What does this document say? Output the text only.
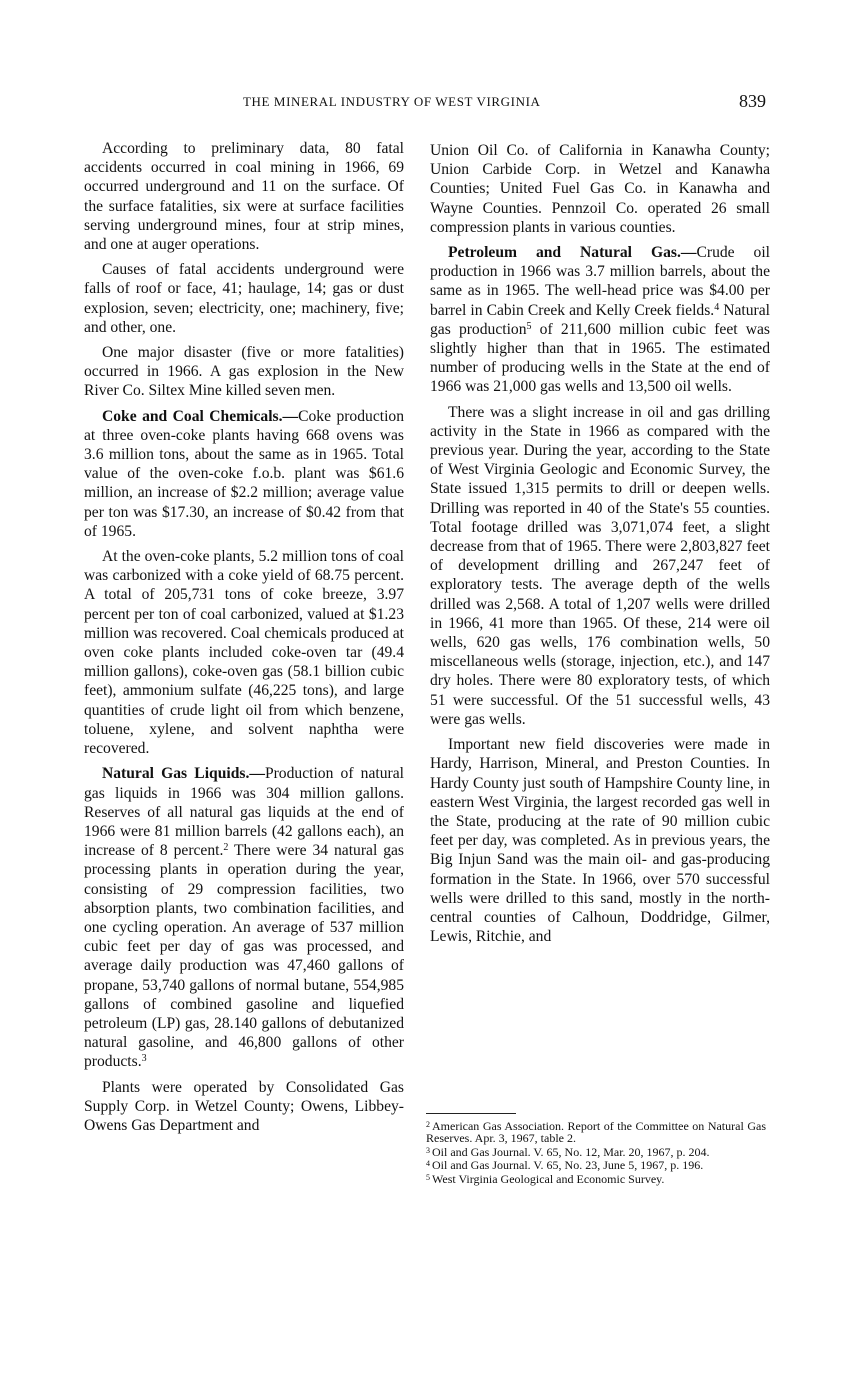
THE MINERAL INDUSTRY OF WEST VIRGINIA	839

According to preliminary data, 80 fatal accidents occurred in coal mining in 1966, 69 occurred underground and 11 on the surface. Of the surface fatalities, six were at surface facilities serving underground mines, four at strip mines, and one at auger operations.

Causes of fatal accidents underground were falls of roof or face, 41; haulage, 14; gas or dust explosion, seven; electricity, one; machinery, five; and other, one.

One major disaster (five or more fatalities) occurred in 1966. A gas explosion in the New River Co. Siltex Mine killed seven men.

Coke and Coal Chemicals.—Coke production at three oven-coke plants having 668 ovens was 3.6 million tons, about the same as in 1965. Total value of the oven-coke f.o.b. plant was $61.6 million, an increase of $2.2 million; average value per ton was $17.30, an increase of $0.42 from that of 1965.

At the oven-coke plants, 5.2 million tons of coal was carbonized with a coke yield of 68.75 percent. A total of 205,731 tons of coke breeze, 3.97 percent per ton of coal carbonized, valued at $1.23 million was recovered. Coal chemicals produced at oven coke plants included coke-oven tar (49.4 million gallons), coke-oven gas (58.1 billion cubic feet), ammonium sulfate (46,225 tons), and large quantities of crude light oil from which benzene, toluene, xylene, and solvent naphtha were recovered.

Natural Gas Liquids.—Production of natural gas liquids in 1966 was 304 million gallons. Reserves of all natural gas liquids at the end of 1966 were 81 million barrels (42 gallons each), an increase of 8 percent.$^2$ There were 34 natural gas processing plants in operation during the year, consisting of 29 compression facilities, two absorption plants, two combination facilities, and one cycling operation. An average of 537 million cubic feet per day of gas was processed, and average daily production was 47,460 gallons of propane, 53,740 gallons of normal butane, 554,985 gallons of combined gasoline and liquefied petroleum (LP) gas, 28.140 gallons of debutanized natural gasoline, and 46,800 gallons of other products.$^3$

Plants were operated by Consolidated Gas Supply Corp. in Wetzel County; Owens, Libbey-Owens Gas Department and

Union Oil Co. of California in Kanawha County; Union Carbide Corp. in Wetzel and Kanawha Counties; United Fuel Gas Co. in Kanawha and Wayne Counties. Pennzoil Co. operated 26 small compression plants in various counties.

Petroleum and Natural Gas.—Crude oil production in 1966 was 3.7 million barrels, about the same as in 1965. The well-head price was $4.00 per barrel in Cabin Creek and Kelly Creek fields.$^4$ Natural gas production$^5$ of 211,600 million cubic feet was slightly higher than that in 1965. The estimated number of producing wells in the State at the end of 1966 was 21,000 gas wells and 13,500 oil wells.

There was a slight increase in oil and gas drilling activity in the State in 1966 as compared with the previous year. During the year, according to the State of West Virginia Geologic and Economic Survey, the State issued 1,315 permits to drill or deepen wells. Drilling was reported in 40 of the State's 55 counties. Total footage drilled was 3,071,074 feet, a slight decrease from that of 1965. There were 2,803,827 feet of development drilling and 267,247 feet of exploratory tests. The average depth of the wells drilled was 2,568. A total of 1,207 wells were drilled in 1966, 41 more than 1965. Of these, 214 were oil wells, 620 gas wells, 176 combination wells, 50 miscellaneous wells (storage, injection, etc.), and 147 dry holes. There were 80 exploratory tests, of which 51 were successful. Of the 51 successful wells, 43 were gas wells.

Important new field discoveries were made in Hardy, Harrison, Mineral, and Preston Counties. In Hardy County just south of Hampshire County line, in eastern West Virginia, the largest recorded gas well in the State, producing at the rate of 90 million cubic feet per day, was completed. As in previous years, the Big Injun Sand was the main oil- and gas-producing formation in the State. In 1966, over 570 successful wells were drilled to this sand, mostly in the north-central counties of Calhoun, Doddridge, Gilmer, Lewis, Ritchie, and

$^2$ American Gas Association. Report of the Committee on Natural Gas Reserves. Apr. 3, 1967, table 2.

$^3$ Oil and Gas Journal. V. 65, No. 12, Mar. 20, 1967, p. 204.

$^4$ Oil and Gas Journal. V. 65, No. 23, June 5, 1967, p. 196.

$^5$ West Virginia Geological and Economic Survey.
